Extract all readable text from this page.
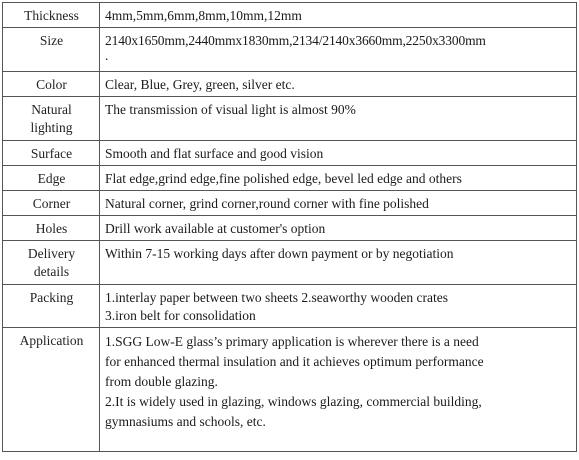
Thickness	4mm,5mm,6mm,8mm,10mm,12mm

Size	2140x1650mm,2440mmx1830mm,2134/2140x3660mm,2250x3300mm
.

Color	Clear, Blue, Grey, green, silver etc.

Natural
lighting	The transmission of visual light is almost 90%

Surface	Smooth and flat surface and good vision

Edge	Flat edge,grind edge,fine polished edge, bevel led edge and others

Corner	Natural corner, grind corner,round corner with fine polished

Holes	Drill work available at customer's option

Delivery
details	Within 7-15 working days after down payment or by negotiation

Packing	1.interlay paper between two sheets 2.seaworthy wooden crates
3.iron belt for consolidation

Application	1.SGG Low-E glass’s primary application is wherever there is a need
for enhanced thermal insulation and it achieves optimum performance
from double glazing.
2.It is widely used in glazing, windows glazing, commercial building,
gymnasiums and schools, etc.
